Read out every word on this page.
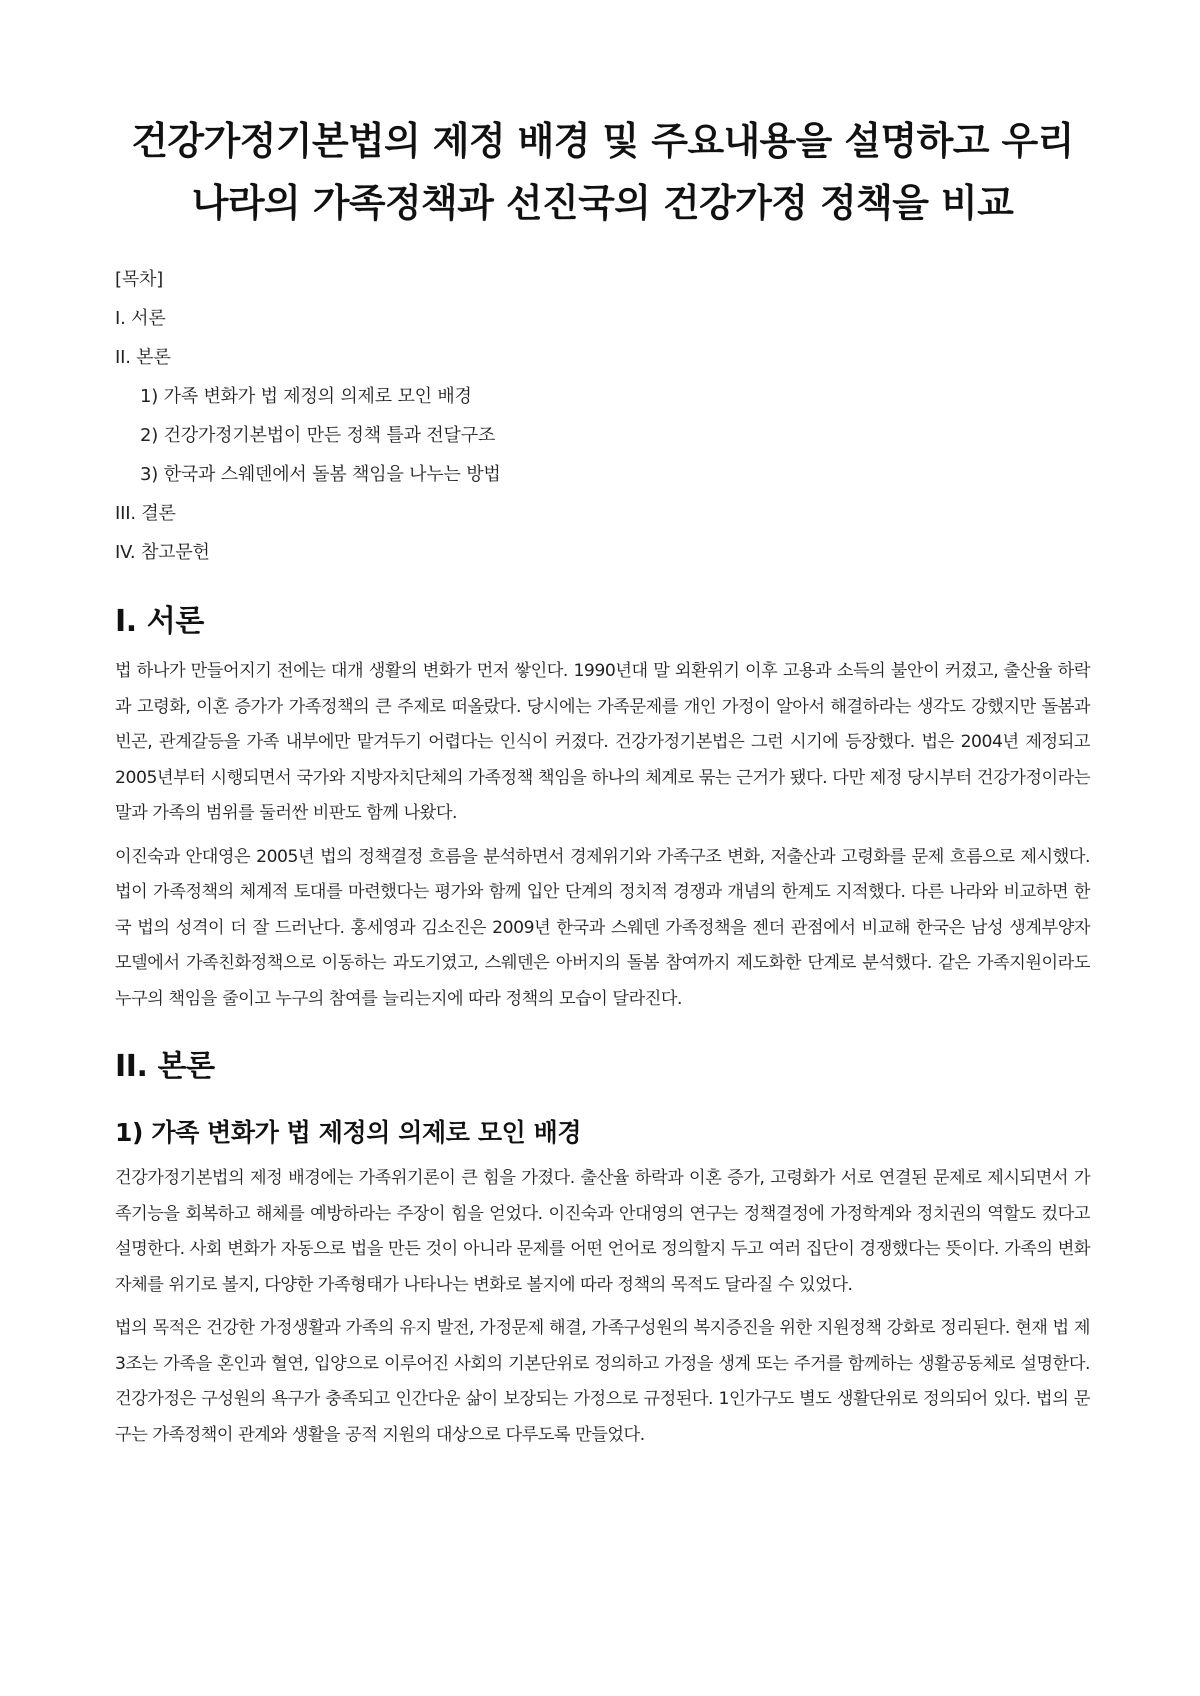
건강가정기본법의 제정 배경 및 주요내용을 설명하고 우리나라의 가족정책과 선진국의 건강가정 정책을 비교
[목차]
I. 서론
II. 본론
1) 가족 변화가 법 제정의 의제로 모인 배경
2) 건강가정기본법이 만든 정책 틀과 전달구조
3) 한국과 스웨덴에서 돌봄 책임을 나누는 방법
III. 결론
IV. 참고문헌
I. 서론

법 하나가 만들어지기 전에는 대개 생활의 변화가 먼저 쌓인다. 1990년대 말 외환위기 이후 고용과 소득의 불안이 커졌고, 출산율 하락과 고령화, 이혼 증가가 가족정책의 큰 주제로 떠올랐다. 당시에는 가족문제를 개인 가정이 알아서 해결하라는 생각도 강했지만 돌봄과 빈곤, 관계갈등을 가족 내부에만 맡겨두기 어렵다는 인식이 커졌다. 건강가정기본법은 그런 시기에 등장했다. 법은 2004년 제정되고 2005년부터 시행되면서 국가와 지방자치단체의 가족정책 책임을 하나의 체계로 묶는 근거가 됐다. 다만 제정 당시부터 건강가정이라는 말과 가족의 범위를 둘러싼 비판도 함께 나왔다.

이진숙과 안대영은 2005년 법의 정책결정 흐름을 분석하면서 경제위기와 가족구조 변화, 저출산과 고령화를 문제 흐름으로 제시했다. 법이 가족정책의 체계적 토대를 마련했다는 평가와 함께 입안 단계의 정치적 경쟁과 개념의 한계도 지적했다. 다른 나라와 비교하면 한국 법의 성격이 더 잘 드러난다. 홍세영과 김소진은 2009년 한국과 스웨덴 가족정책을 젠더 관점에서 비교해 한국은 남성 생계부양자 모델에서 가족친화정책으로 이동하는 과도기였고, 스웨덴은 아버지의 돌봄 참여까지 제도화한 단계로 분석했다. 같은 가족지원이라도 누구의 책임을 줄이고 누구의 참여를 늘리는지에 따라 정책의 모습이 달라진다.

II. 본론
1) 가족 변화가 법 제정의 의제로 모인 배경

건강가정기본법의 제정 배경에는 가족위기론이 큰 힘을 가졌다. 출산율 하락과 이혼 증가, 고령화가 서로 연결된 문제로 제시되면서 가족기능을 회복하고 해체를 예방하라는 주장이 힘을 얻었다. 이진숙과 안대영의 연구는 정책결정에 가정학계와 정치권의 역할도 컸다고 설명한다. 사회 변화가 자동으로 법을 만든 것이 아니라 문제를 어떤 언어로 정의할지 두고 여러 집단이 경쟁했다는 뜻이다. 가족의 변화 자체를 위기로 볼지, 다양한 가족형태가 나타나는 변화로 볼지에 따라 정책의 목적도 달라질 수 있었다.

법의 목적은 건강한 가정생활과 가족의 유지 발전, 가정문제 해결, 가족구성원의 복지증진을 위한 지원정책 강화로 정리된다. 현재 법 제3조는 가족을 혼인과 혈연, 입양으로 이루어진 사회의 기본단위로 정의하고 가정을 생계 또는 주거를 함께하는 생활공동체로 설명한다. 건강가정은 구성원의 욕구가 충족되고 인간다운 삶이 보장되는 가정으로 규정된다. 1인가구도 별도 생활단위로 정의되어 있다. 법의 문구는 가족정책이 관계와 생활을 공적 지원의 대상으로 다루도록 만들었다.
